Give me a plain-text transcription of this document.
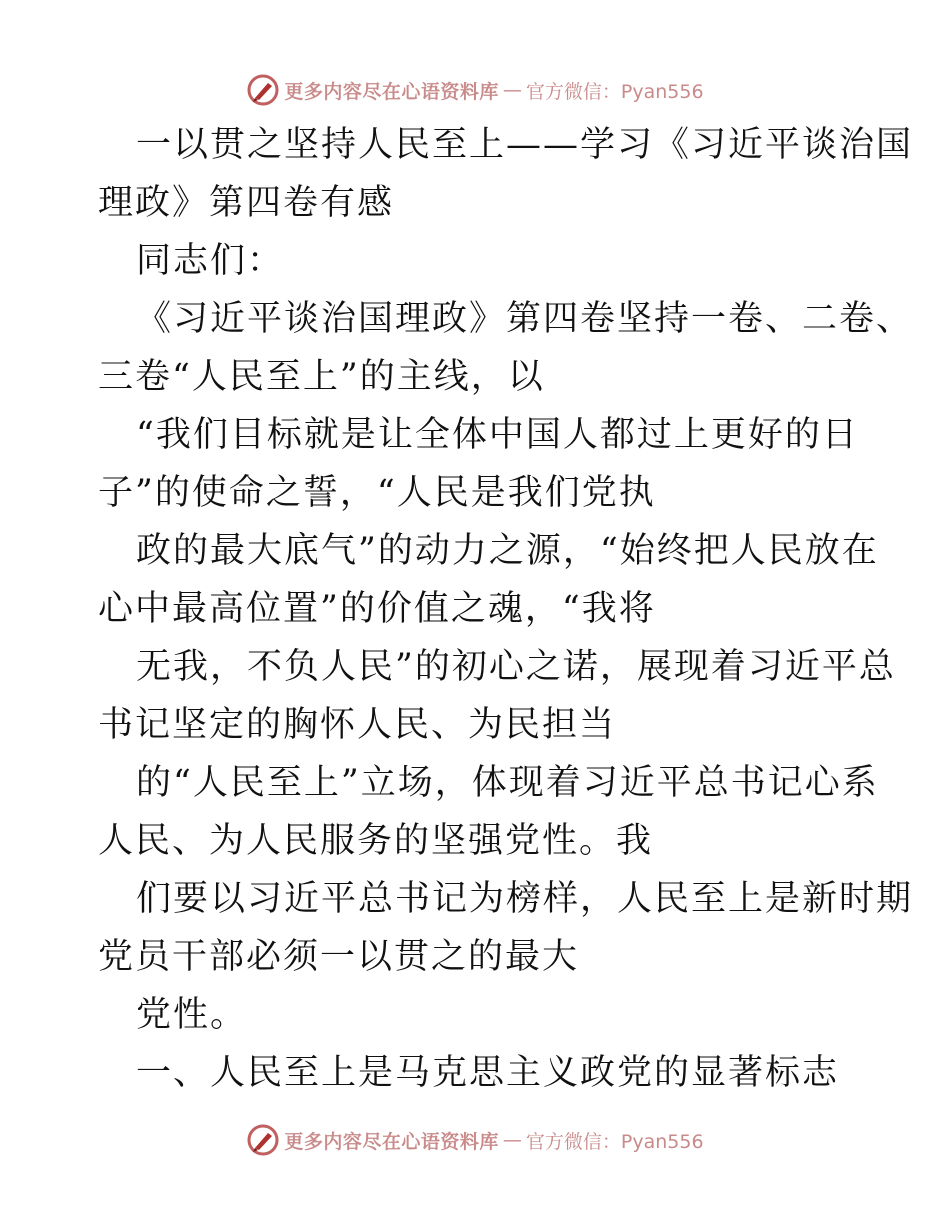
更多内容尽在心语资料库 — 官方微信：Pyan556
一以贯之坚持人民至上——学习《习近平谈治国
理政》第四卷有感
同志们：
《习近平谈治国理政》第四卷坚持一卷、二卷、
三卷“人民至上”的主线，以
“我们目标就是让全体中国人都过上更好的日
子”的使命之誓，“人民是我们党执
政的最大底气”的动力之源，“始终把人民放在
心中最高位置”的价值之魂，“我将
无我，不负人民”的初心之诺，展现着习近平总
书记坚定的胸怀人民、为民担当
的“人民至上”立场，体现着习近平总书记心系
人民、为人民服务的坚强党性。我
们要以习近平总书记为榜样，人民至上是新时期
党员干部必须一以贯之的最大
党性。
一、人民至上是马克思主义政党的显著标志
更多内容尽在心语资料库 — 官方微信：Pyan556
